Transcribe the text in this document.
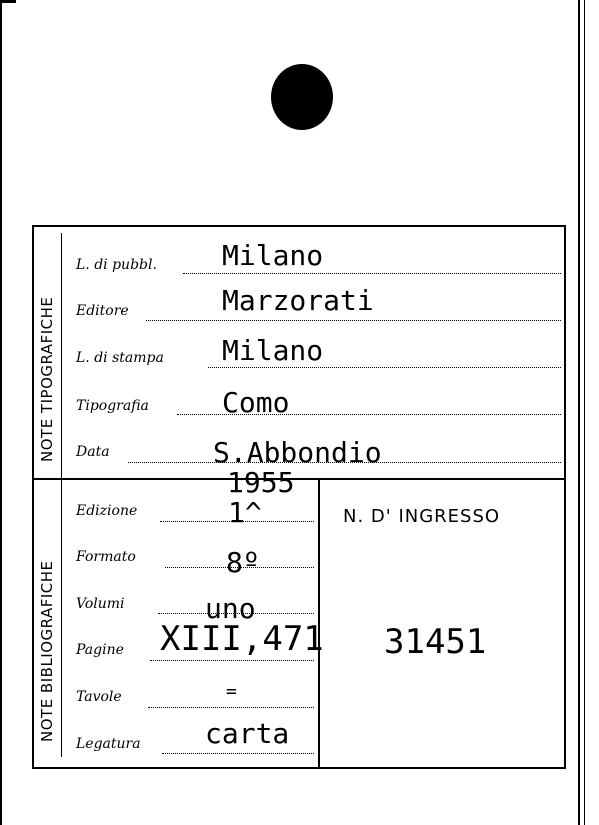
NOTE TIPOGRAFICHE
NOTE BIBLIOGRAFICHE
L. di pubbl. Milano
Editore	Marzorati
L. di stampa Milano
Tipografia	Como
Data	S.Abbondio
1955
Edizione	1^
Formato	8º
Volumi	uno
Pagine XIII,471
Tavole	=
Legatura carta
N. D' INGRESSO
31451
